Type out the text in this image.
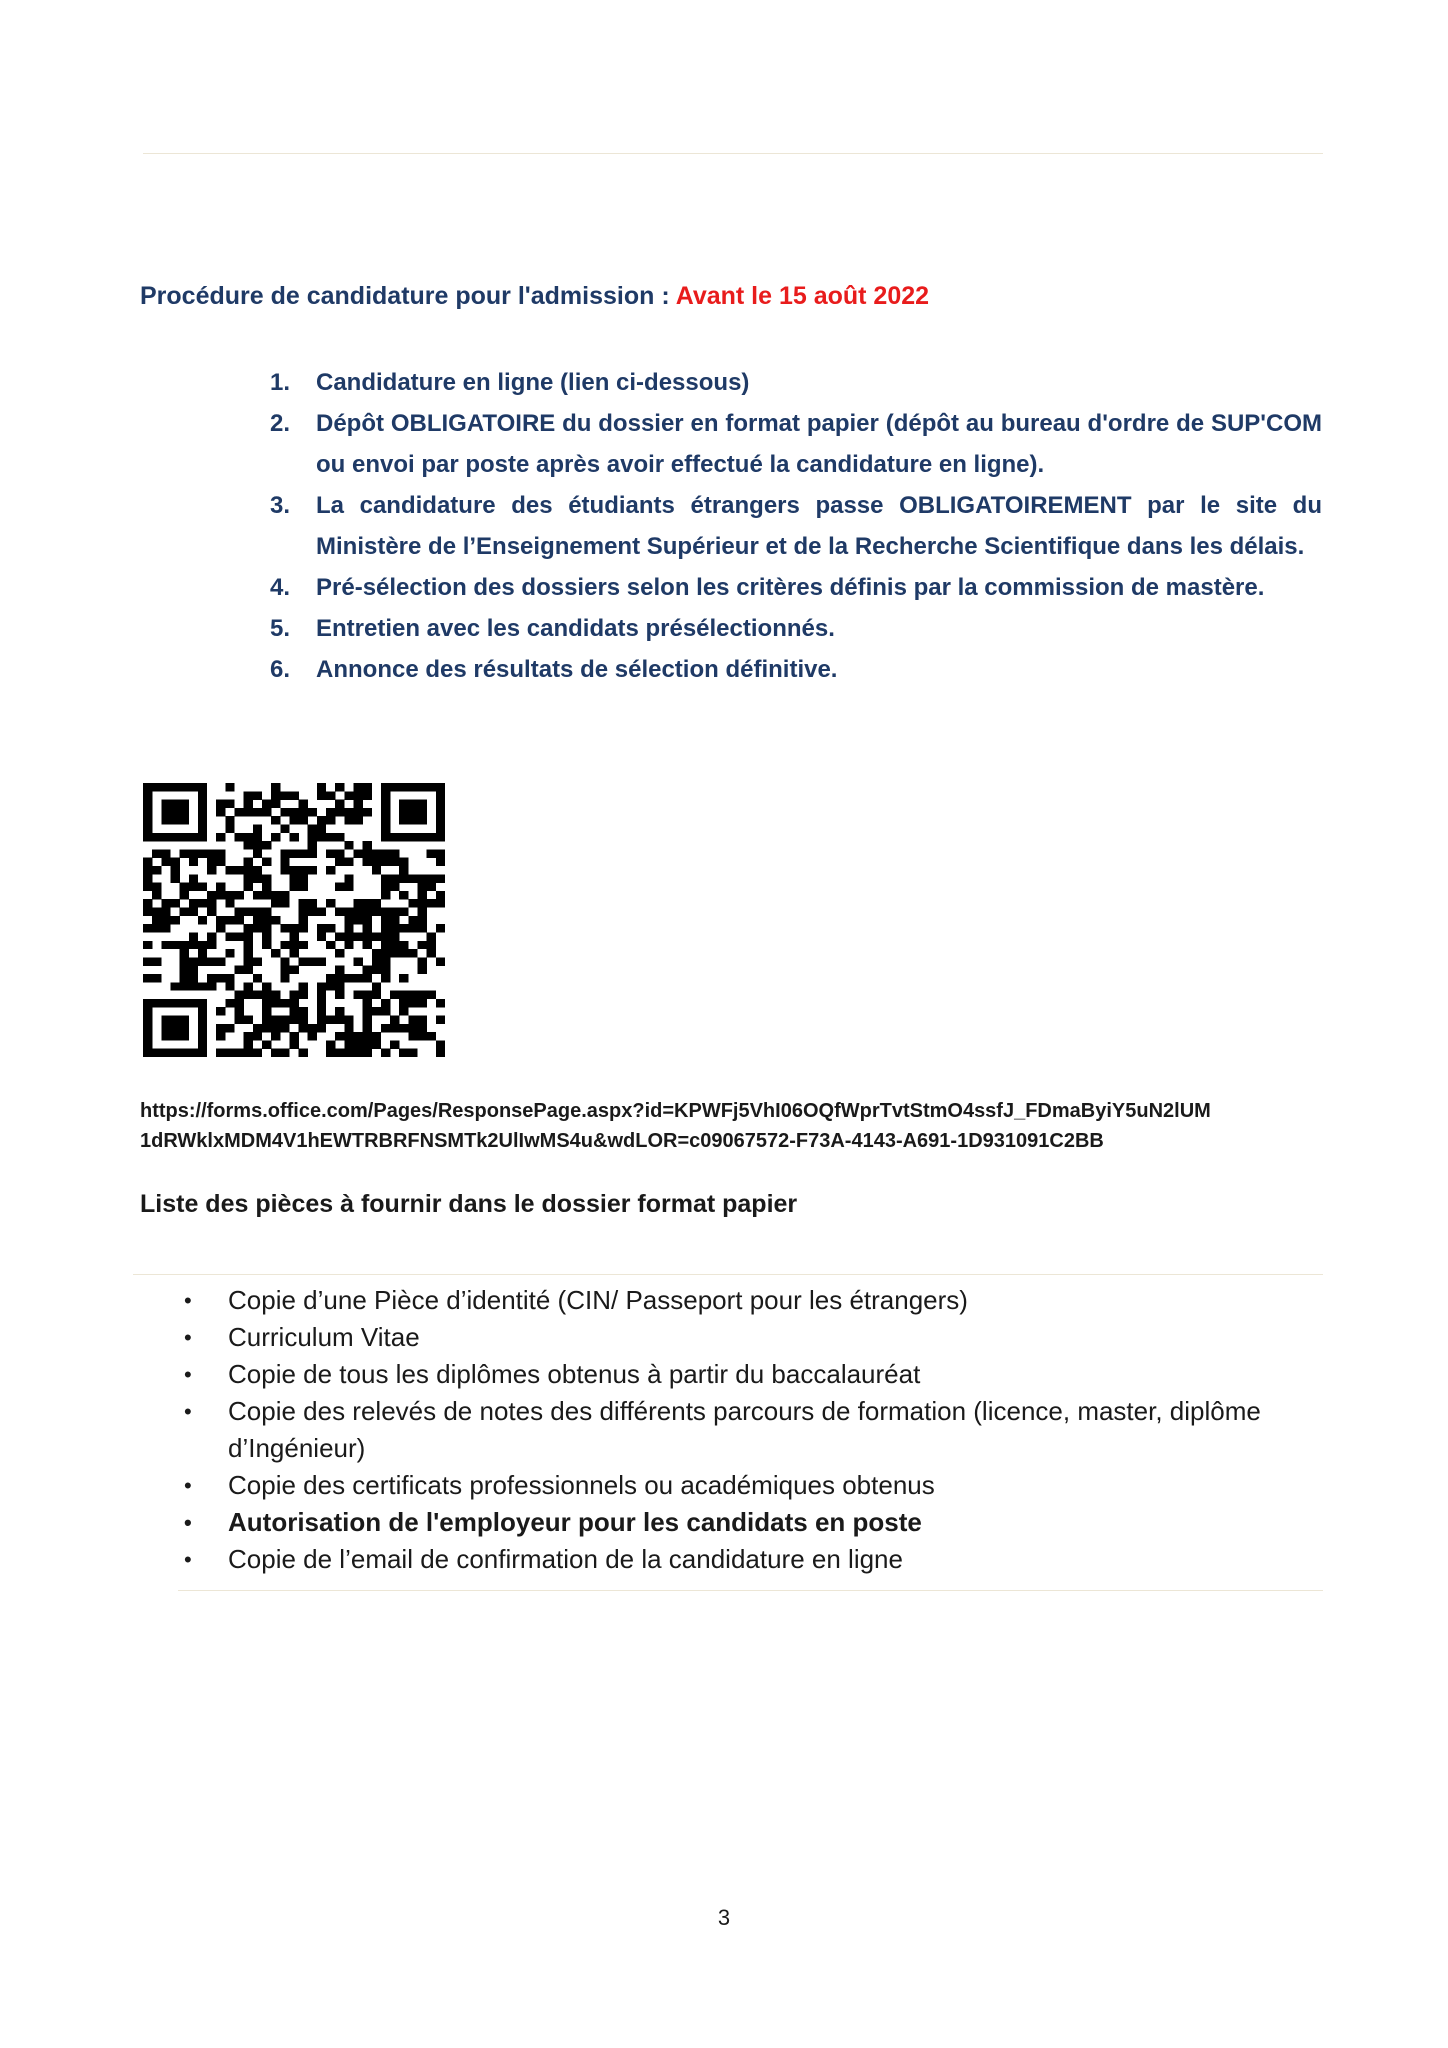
Procédure de candidature pour l'admission : Avant le 15 août 2022
1. Candidature en ligne (lien ci-dessous)
2. Dépôt OBLIGATOIRE du dossier en format papier (dépôt au bureau d'ordre de SUP'COM ou envoi par poste après avoir effectué la candidature en ligne).
3. La candidature des étudiants étrangers passe OBLIGATOIREMENT par le site du Ministère de l’Enseignement Supérieur et de la Recherche Scientifique dans les délais.
4. Pré-sélection des dossiers selon les critères définis par la commission de mastère.
5. Entretien avec les candidats présélectionnés.
6. Annonce des résultats de sélection définitive.
https://forms.office.com/Pages/ResponsePage.aspx?id=KPWFj5VhI06OQfWprTvtStmO4ssfJ_FDmaByiY5uN2lUM
1dRWklxMDM4V1hEWTRBRFNSMTk2UlIwMS4u&wdLOR=c09067572-F73A-4143-A691-1D931091C2BB
Liste des pièces à fournir dans le dossier format papier
• Copie d’une Pièce d’identité (CIN/ Passeport pour les étrangers)
• Curriculum Vitae
• Copie de tous les diplômes obtenus à partir du baccalauréat
• Copie des relevés de notes des différents parcours de formation (licence, master, diplôme d’Ingénieur)
• Copie des certificats professionnels ou académiques obtenus
• Autorisation de l'employeur pour les candidats en poste
• Copie de l’email de confirmation de la candidature en ligne
3
